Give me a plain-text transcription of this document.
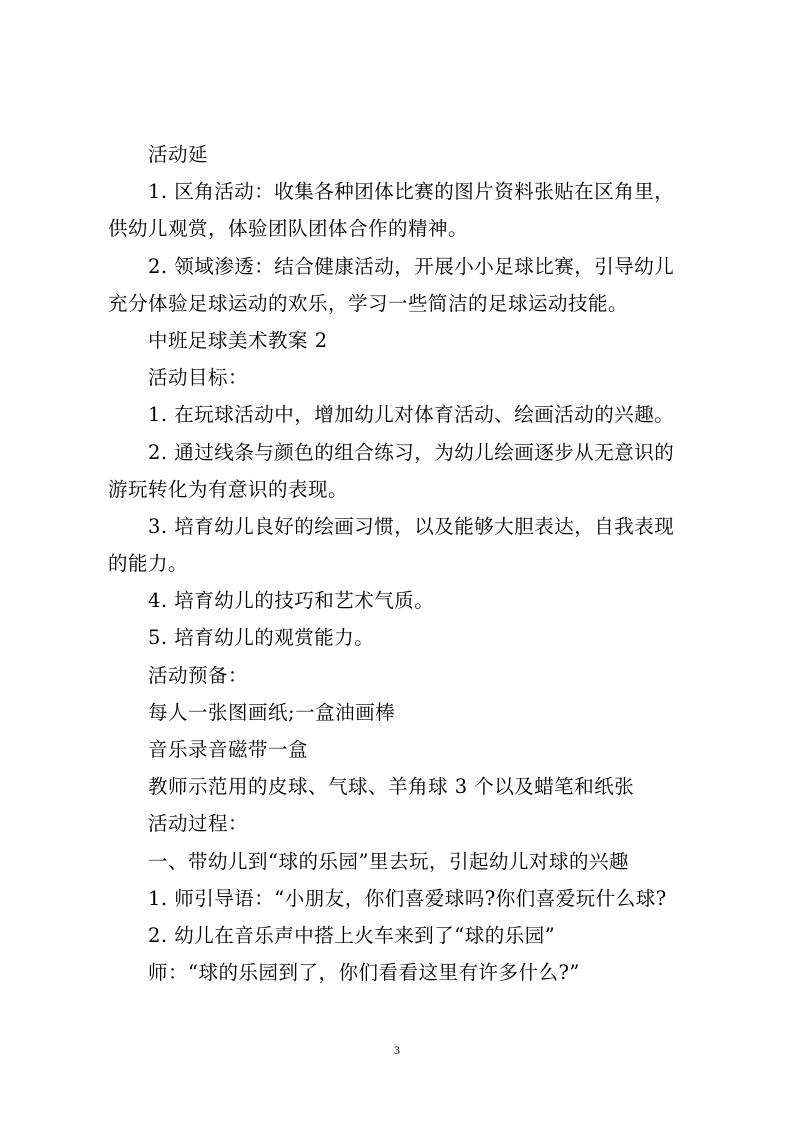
活动延
1. 区角活动：收集各种团体比赛的图片资料张贴在区角里，
供幼儿观赏，体验团队团体合作的精神。
2. 领域渗透：结合健康活动，开展小小足球比赛，引导幼儿
充分体验足球运动的欢乐，学习一些简洁的足球运动技能。
中班足球美术教案 2
活动目标：
1. 在玩球活动中，增加幼儿对体育活动、绘画活动的兴趣。
2. 通过线条与颜色的组合练习，为幼儿绘画逐步从无意识的
游玩转化为有意识的表现。
3. 培育幼儿良好的绘画习惯，以及能够大胆表达，自我表现
的能力。
4. 培育幼儿的技巧和艺术气质。
5. 培育幼儿的观赏能力。
活动预备：
每人一张图画纸;一盒油画棒
音乐录音磁带一盒
教师示范用的皮球、气球、羊角球 3 个以及蜡笔和纸张
活动过程：
一、带幼儿到“球的乐园”里去玩，引起幼儿对球的兴趣
1. 师引导语：“小朋友，你们喜爱球吗?你们喜爱玩什么球?
2. 幼儿在音乐声中搭上火车来到了“球的乐园”
师：“球的乐园到了，你们看看这里有许多什么?”
3
